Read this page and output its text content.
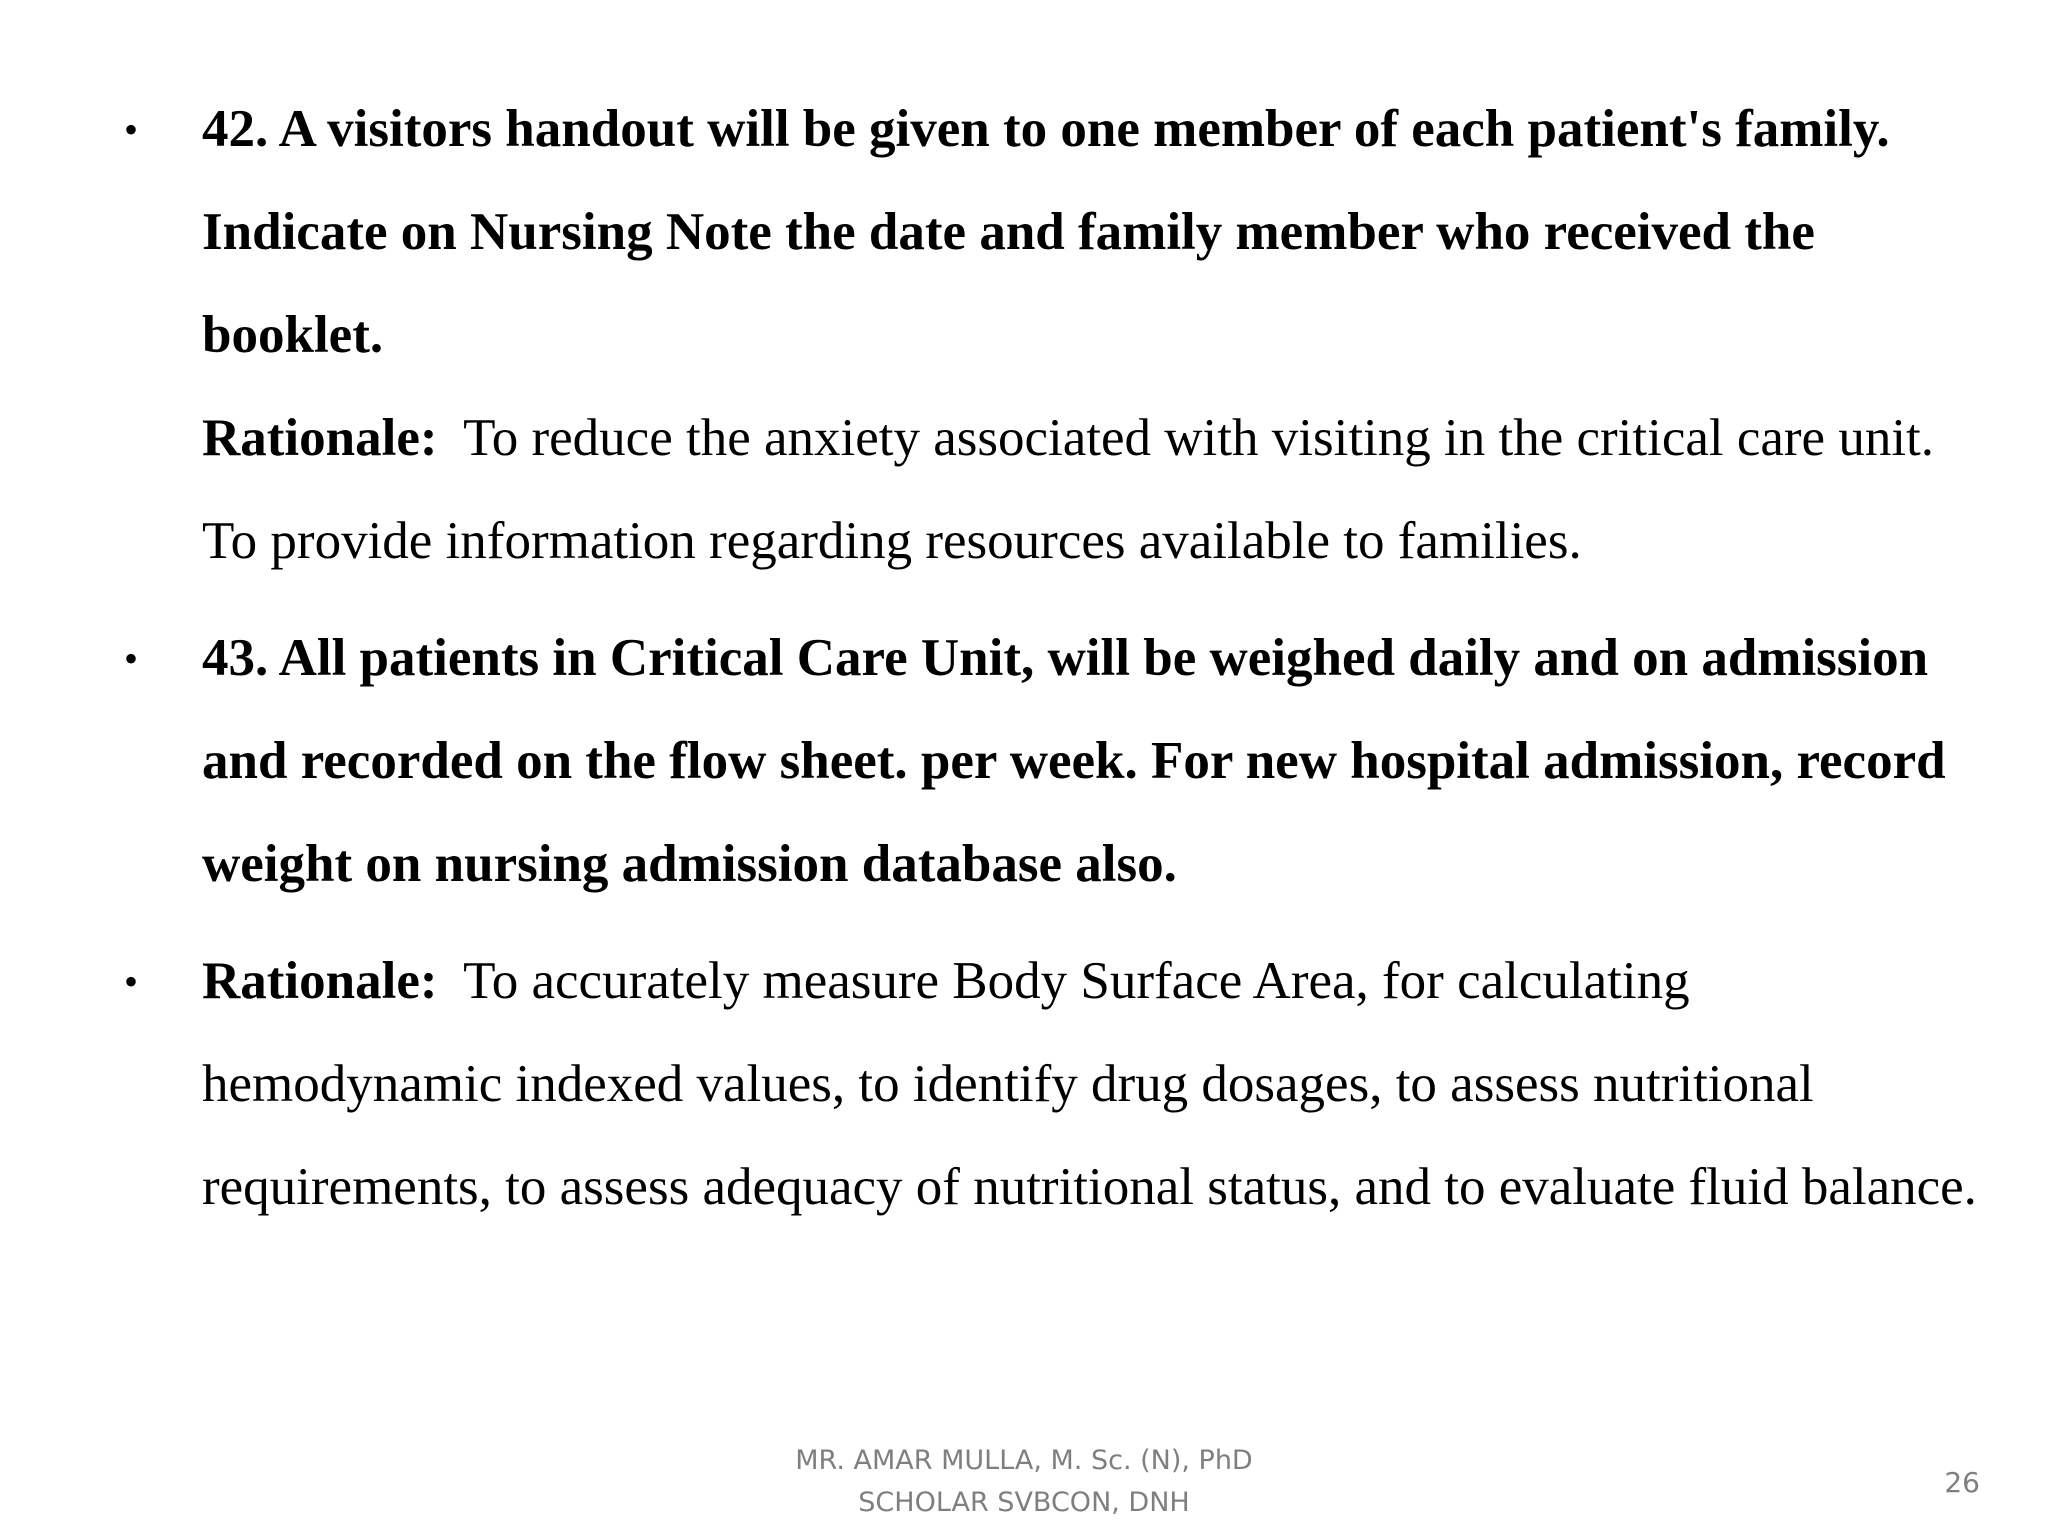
•	42. A visitors handout will be given to one member of each patient's family. Indicate on Nursing Note the date and family member who received the booklet.
Rationale:  To reduce the anxiety associated with visiting in the critical care unit.  To provide information regarding resources available to families.
•	43. All patients in Critical Care Unit, will be weighed daily and on admission and recorded on the flow sheet. per week. For new hospital admission, record weight on nursing admission database also.
•	Rationale:  To accurately measure Body Surface Area, for calculating hemodynamic indexed values, to identify drug dosages, to assess nutritional requirements, to assess adequacy of nutritional status, and to evaluate fluid balance.
MR. AMAR MULLA, M. Sc. (N), PhD
SCHOLAR SVBCON, DNH
26
